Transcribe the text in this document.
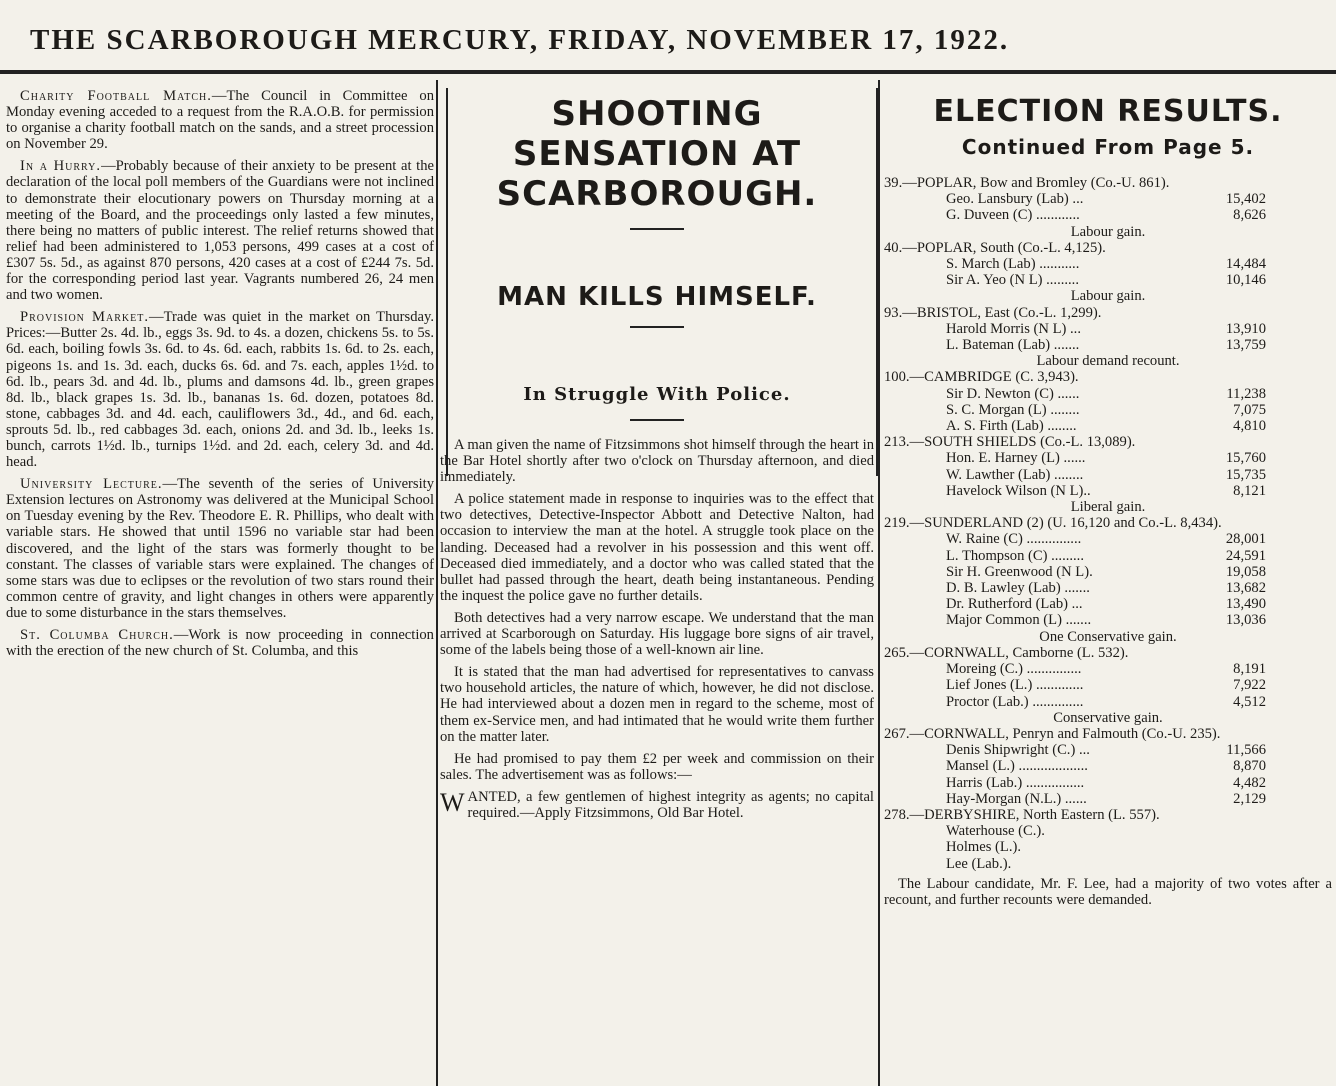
THE SCARBOROUGH MERCURY, FRIDAY, NOVEMBER 17, 1922.

Charity Football Match.—The Council in Committee on Monday evening acceded to a request from the R.A.O.B. for permission to organise a charity football match on the sands, and a street procession on November 29.

In a Hurry.—Probably because of their anxiety to be present at the declaration of the local poll members of the Guardians were not inclined to demonstrate their elocutionary powers on Thursday morning at a meeting of the Board, and the proceedings only lasted a few minutes, there being no matters of public interest. The relief returns showed that relief had been administered to 1,053 persons, 499 cases at a cost of £307 5s. 5d., as against 870 persons, 420 cases at a cost of £244 7s. 5d. for the corresponding period last year. Vagrants numbered 26, 24 men and two women.

Provision Market.—Trade was quiet in the market on Thursday. Prices:—Butter 2s. 4d. lb., eggs 3s. 9d. to 4s. a dozen, chickens 5s. to 5s. 6d. each, boiling fowls 3s. 6d. to 4s. 6d. each, rabbits 1s. 6d. to 2s. each, pigeons 1s. and 1s. 3d. each, ducks 6s. 6d. and 7s. each, apples 1½d. to 6d. lb., pears 3d. and 4d. lb., plums and damsons 4d. lb., green grapes 8d. lb., black grapes 1s. 3d. lb., bananas 1s. 6d. dozen, potatoes 8d. stone, cabbages 3d. and 4d. each, cauliflowers 3d., 4d., and 6d. each, sprouts 5d. lb., red cabbages 3d. each, onions 2d. and 3d. lb., leeks 1s. bunch, carrots 1½d. lb., turnips 1½d. and 2d. each, celery 3d. and 4d. head.

University Lecture.—The seventh of the series of University Extension lectures on Astronomy was delivered at the Municipal School on Tuesday evening by the Rev. Theodore E. R. Phillips, who dealt with variable stars. He showed that until 1596 no variable star had been discovered, and the light of the stars was formerly thought to be constant. The classes of variable stars were explained. The changes of some stars was due to eclipses or the revolution of two stars round their common centre of gravity, and light changes in others were apparently due to some disturbance in the stars themselves.

St. Columba Church.—Work is now proceeding in connection with the erection of the new church of St. Columba, and this

SHOOTING SENSATION AT SCARBOROUGH.
MAN KILLS HIMSELF.
In Struggle With Police.

A man given the name of Fitzsimmons shot himself through the heart in the Bar Hotel shortly after two o'clock on Thursday afternoon, and died immediately.

A police statement made in response to inquiries was to the effect that two detectives, Detective-Inspector Abbott and Detective Nalton, had occasion to interview the man at the hotel. A struggle took place on the landing. Deceased had a revolver in his possession and this went off. Deceased died immediately, and a doctor who was called stated that the bullet had passed through the heart, death being instantaneous. Pending the inquest the police gave no further details.

Both detectives had a very narrow escape. We understand that the man arrived at Scarborough on Saturday. His luggage bore signs of air travel, some of the labels being those of a well-known air line.

It is stated that the man had advertised for representatives to canvass two household articles, the nature of which, however, he did not disclose. He had interviewed about a dozen men in regard to the scheme, most of them ex-Service men, and had intimated that he would write them further on the matter later.

He had promised to pay them £2 per week and commission on their sales. The advertisement was as follows:—

WANTED, a few gentlemen of highest integrity as agents; no capital required.—Apply Fitzsimmons, Old Bar Hotel.

ELECTION RESULTS.
Continued From Page 5.

39.—POPLAR, Bow and Bromley (Co.-U. 861).

Geo. Lansbury (Lab) ...	15,402
G. Duveen (C) ............	8,626

Labour gain.

40.—POPLAR, South (Co.-L. 4,125).

S. March (Lab) ...........	14,484
Sir A. Yeo (N L) .........	10,146

Labour gain.

93.—BRISTOL, East (Co.-L. 1,299).

Harold Morris (N L) ...	13,910
L. Bateman (Lab) .......	13,759

Labour demand recount.

100.—CAMBRIDGE (C. 3,943).

Sir D. Newton (C) ......	11,238
S. C. Morgan (L) ........	7,075
A. S. Firth (Lab) ........	4,810

213.—SOUTH SHIELDS (Co.-L. 13,089).

Hon. E. Harney (L) ......	15,760
W. Lawther (Lab) ........	15,735
Havelock Wilson (N L)..	8,121

Liberal gain.

219.—SUNDERLAND (2) (U. 16,120 and Co.-L. 8,434).

W. Raine (C) ...............	28,001
L. Thompson (C) .........	24,591
Sir H. Greenwood (N L).	19,058
D. B. Lawley (Lab) .......	13,682
Dr. Rutherford (Lab) ...	13,490
Major Common (L) .......	13,036

One Conservative gain.

265.—CORNWALL, Camborne (L. 532).

Moreing (C.) ...............	8,191
Lief Jones (L.) .............	7,922
Proctor (Lab.) ..............	4,512

Conservative gain.

267.—CORNWALL, Penryn and Falmouth (Co.-U. 235).

Denis Shipwright (C.) ...	11,566
Mansel (L.) ...................	8,870
Harris (Lab.) ................	4,482
Hay-Morgan (N.L.) ......	2,129

278.—DERBYSHIRE, North Eastern (L. 557).

Waterhouse (C.).
Holmes (L.).
Lee (Lab.).

The Labour candidate, Mr. F. Lee, had a majority of two votes after a recount, and further recounts were demanded.
